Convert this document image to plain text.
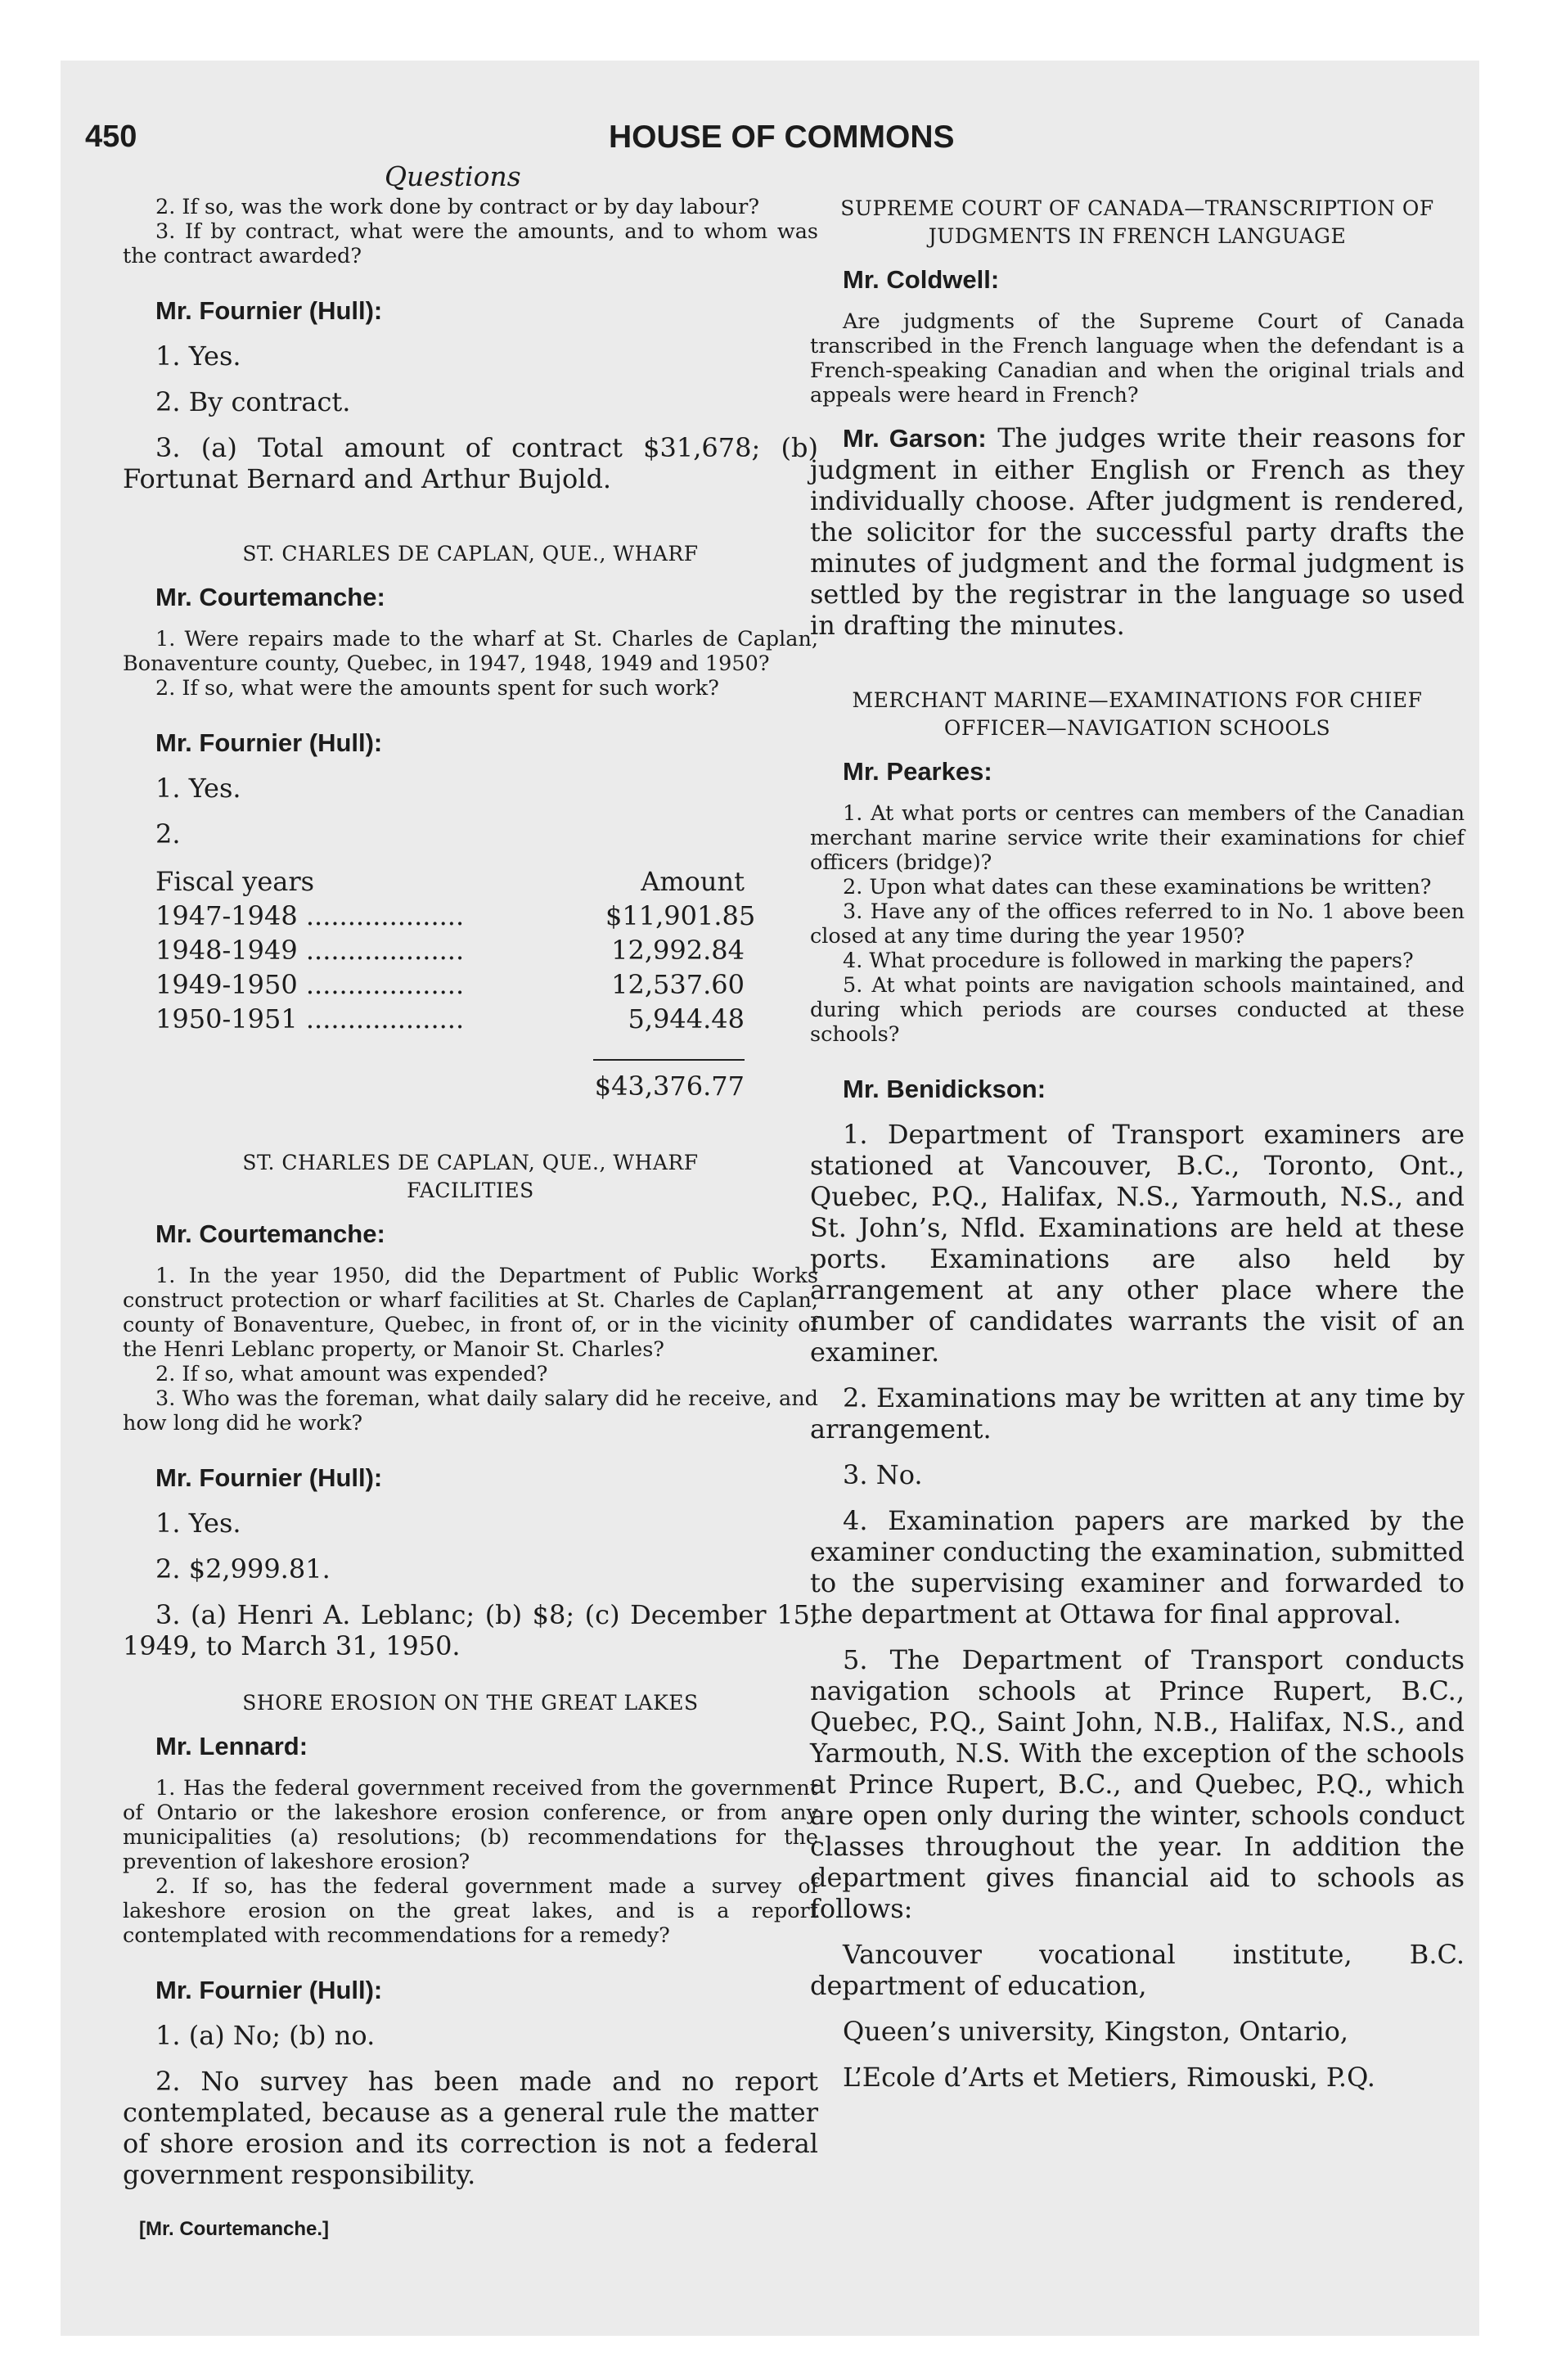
450	HOUSE OF COMMONS
Questions

2. If so, was the work done by contract or by day labour?

3. If by contract, what were the amounts, and to whom was the contract awarded?

Mr. Fournier (Hull):

1. Yes.

2. By contract.

3. (a) Total amount of contract $31,678; (b) Fortunat Bernard and Arthur Bujold.

ST. CHARLES DE CAPLAN, QUE., WHARF

Mr. Courtemanche:

1. Were repairs made to the wharf at St. Charles de Caplan, Bonaventure county, Quebec, in 1947, 1948, 1949 and 1950?

2. If so, what were the amounts spent for such work?

Mr. Fournier (Hull):

1. Yes.

2.

Fiscal years	Amount
1947-1948 ...................	$11,901.85
1948-1949 ...................	12,992.84
1949-1950 ...................	12,537.60
1950-1951 ...................	5,944.48
$43,376.77

ST. CHARLES DE CAPLAN, QUE., WHARF

FACILITIES

Mr. Courtemanche:

1. In the year 1950, did the Department of Public Works construct protection or wharf facilities at St. Charles de Caplan, county of Bonaventure, Quebec, in front of, or in the vicinity of the Henri Leblanc property, or Manoir St. Charles?

2. If so, what amount was expended?

3. Who was the foreman, what daily salary did he receive, and how long did he work?

Mr. Fournier (Hull):

1. Yes.

2. $2,999.81.

3. (a) Henri A. Leblanc; (b) $8; (c) December 15, 1949, to March 31, 1950.

SHORE EROSION ON THE GREAT LAKES

Mr. Lennard:

1. Has the federal government received from the government of Ontario or the lakeshore erosion conference, or from any municipalities (a) resolutions; (b) recommendations for the prevention of lakeshore erosion?

2. If so, has the federal government made a survey of lakeshore erosion on the great lakes, and is a report contemplated with recommendations for a remedy?

Mr. Fournier (Hull):

1. (a) No; (b) no.

2. No survey has been made and no report contemplated, because as a general rule the matter of shore erosion and its correction is not a federal government responsibility.

[Mr. Courtemanche.]

SUPREME COURT OF CANADA—TRANSCRIPTION OF

JUDGMENTS IN FRENCH LANGUAGE

Mr. Coldwell:

Are judgments of the Supreme Court of Canada transcribed in the French language when the defendant is a French-speaking Canadian and when the original trials and appeals were heard in French?

Mr. Garson: The judges write their reasons for judgment in either English or French as they individually choose. After judgment is rendered, the solicitor for the successful party drafts the minutes of judgment and the formal judgment is settled by the registrar in the language so used in drafting the minutes.

MERCHANT MARINE—EXAMINATIONS FOR CHIEF

OFFICER—NAVIGATION SCHOOLS

Mr. Pearkes:

1. At what ports or centres can members of the Canadian merchant marine service write their examinations for chief officers (bridge)?

2. Upon what dates can these examinations be written?

3. Have any of the offices referred to in No. 1 above been closed at any time during the year 1950?

4. What procedure is followed in marking the papers?

5. At what points are navigation schools maintained, and during which periods are courses conducted at these schools?

Mr. Benidickson:

1. Department of Transport examiners are stationed at Vancouver, B.C., Toronto, Ont., Quebec, P.Q., Halifax, N.S., Yarmouth, N.S., and St. John’s, Nfld. Examinations are held at these ports. Examinations are also held by arrangement at any other place where the number of candidates warrants the visit of an examiner.

2. Examinations may be written at any time by arrangement.

3. No.

4. Examination papers are marked by the examiner conducting the examination, submitted to the supervising examiner and forwarded to the department at Ottawa for final approval.

5. The Department of Transport conducts navigation schools at Prince Rupert, B.C., Quebec, P.Q., Saint John, N.B., Halifax, N.S., and Yarmouth, N.S. With the exception of the schools at Prince Rupert, B.C., and Quebec, P.Q., which are open only during the winter, schools conduct classes throughout the year. In addition the department gives financial aid to schools as follows:

Vancouver vocational institute, B.C. department of education,

Queen’s university, Kingston, Ontario,

L’Ecole d’Arts et Metiers, Rimouski, P.Q.
